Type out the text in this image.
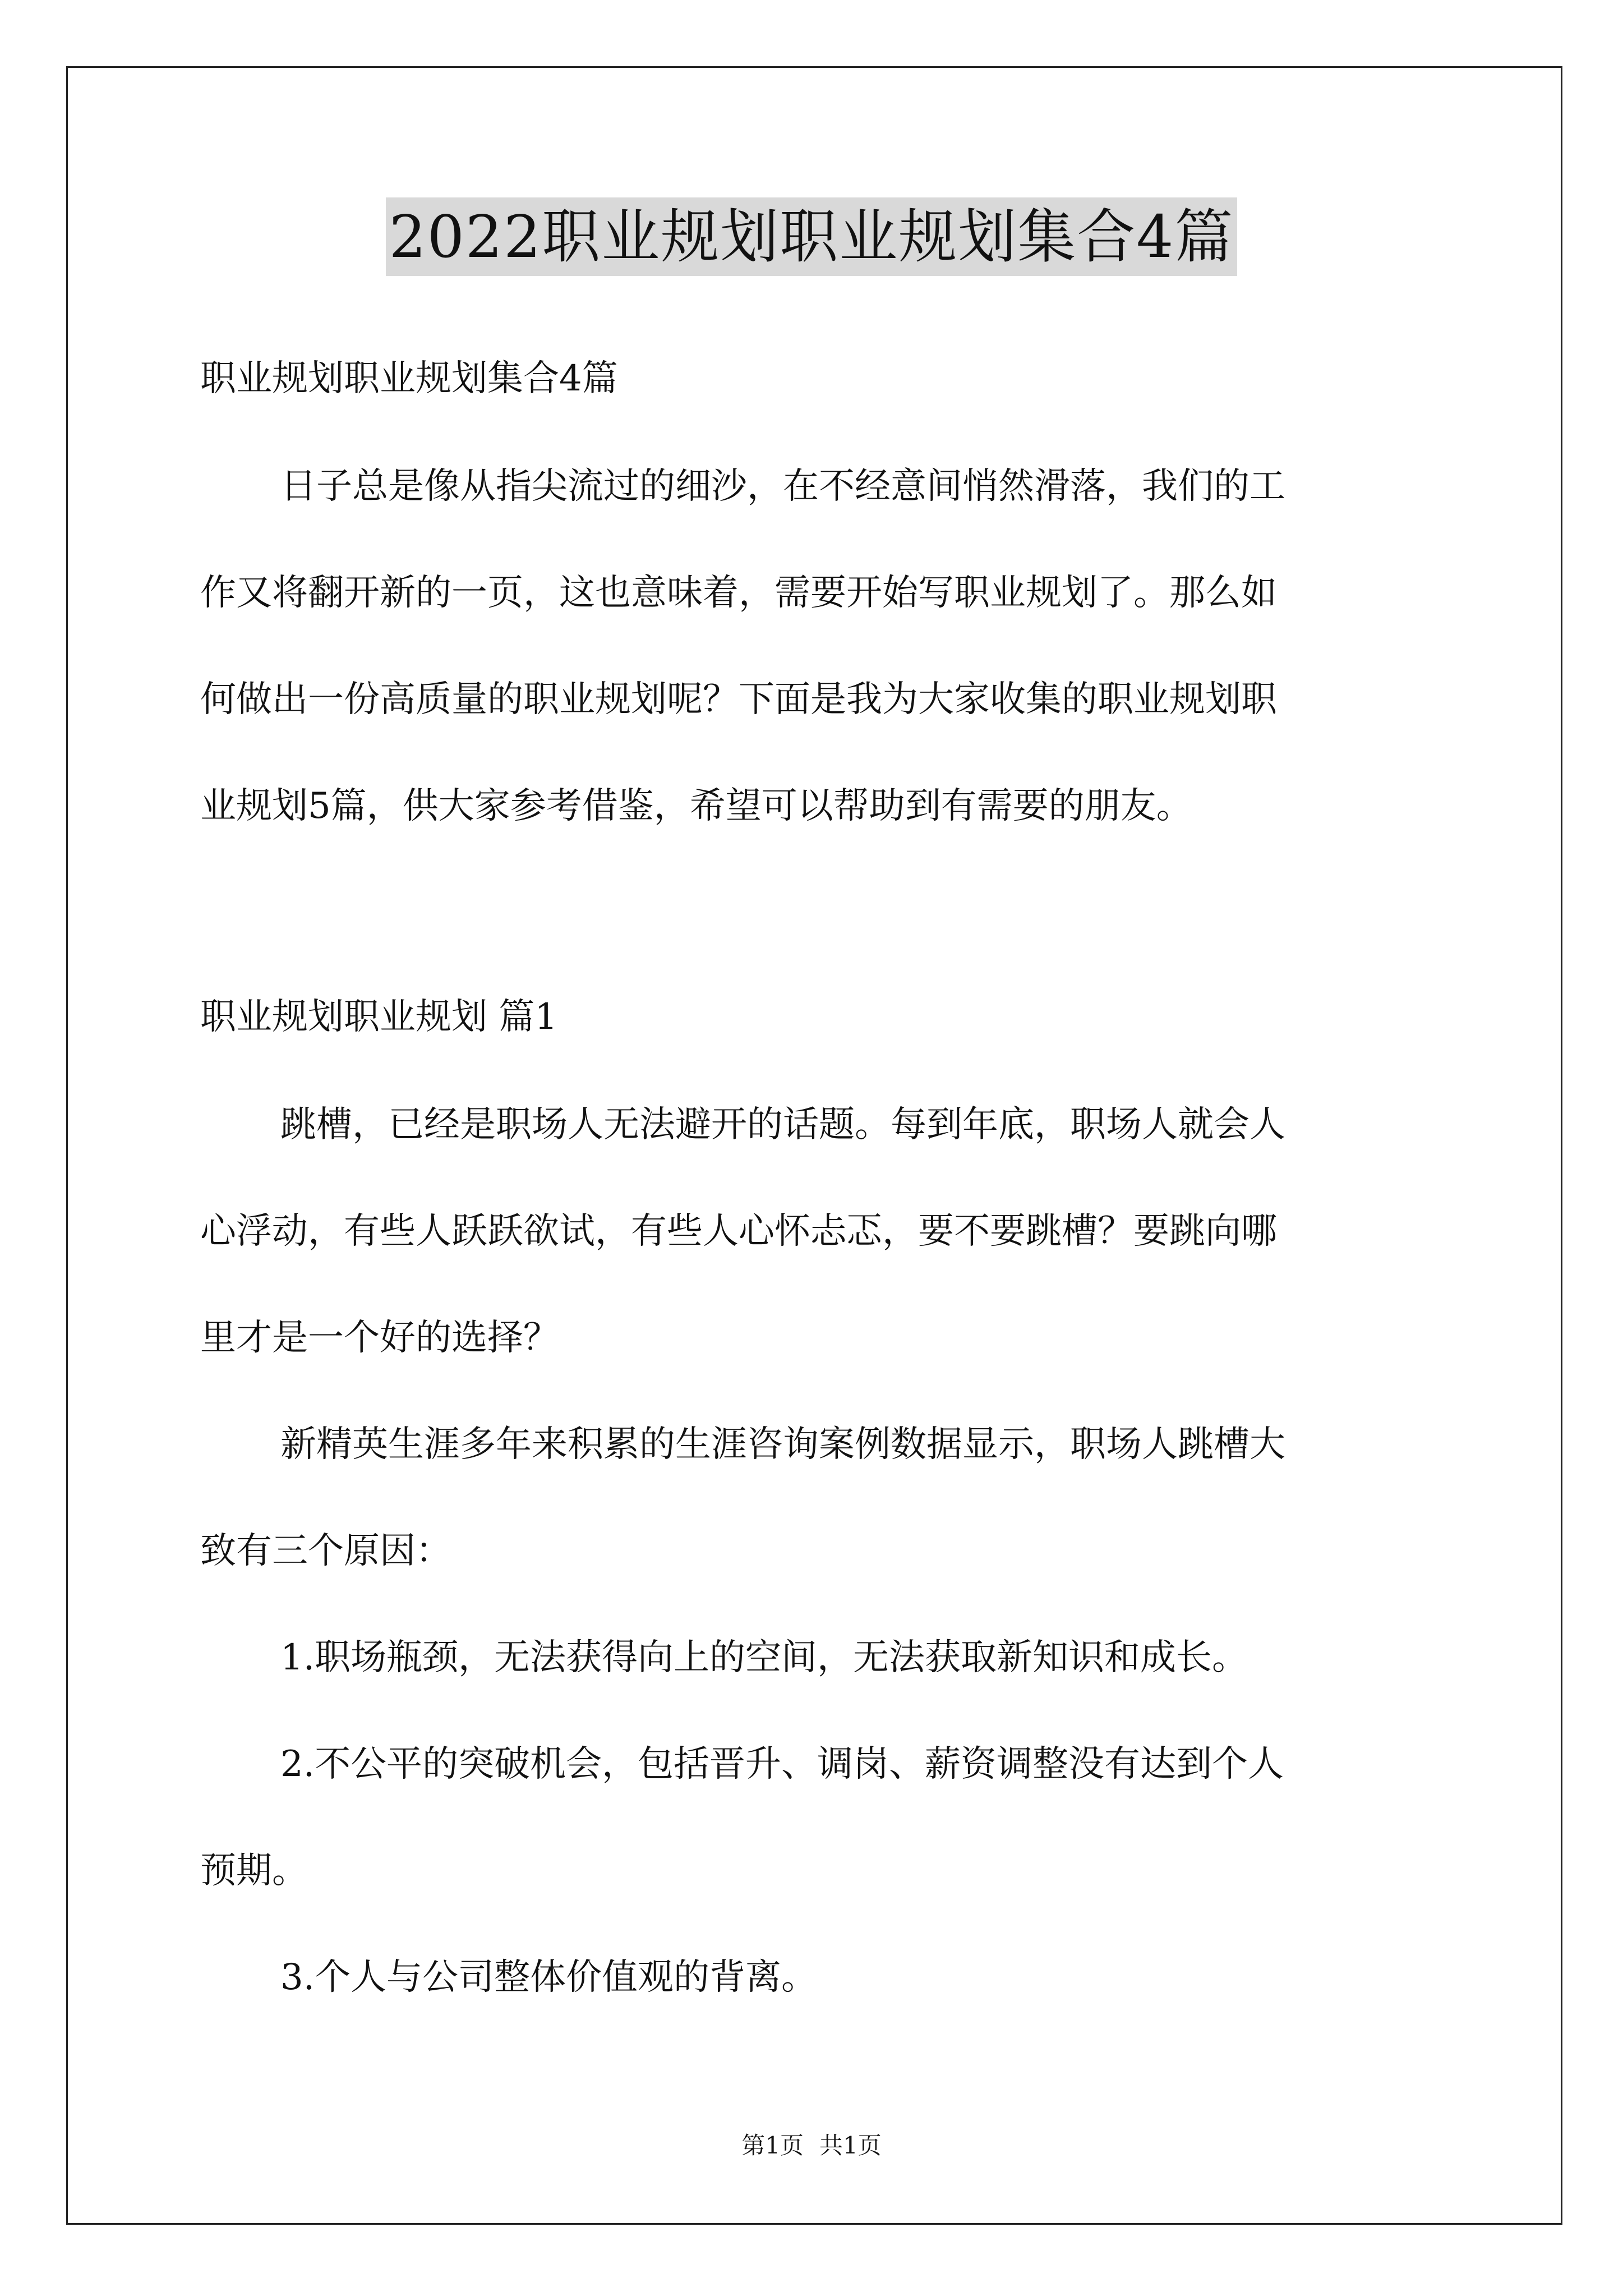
2022职业规划职业规划集合4篇
职业规划职业规划集合4篇
日子总是像从指尖流过的细沙，在不经意间悄然滑落，我们的工
作又将翻开新的一页，这也意味着，需要开始写职业规划了。那么如
何做出一份高质量的职业规划呢？下面是我为大家收集的职业规划职
业规划5篇，供大家参考借鉴，希望可以帮助到有需要的朋友。
职业规划职业规划 篇1
跳槽，已经是职场人无法避开的话题。每到年底，职场人就会人
心浮动，有些人跃跃欲试，有些人心怀忐忑，要不要跳槽？要跳向哪
里才是一个好的选择？
新精英生涯多年来积累的生涯咨询案例数据显示，职场人跳槽大
致有三个原因：
1.职场瓶颈，无法获得向上的空间，无法获取新知识和成长。
2.不公平的突破机会，包括晋升、调岗、薪资调整没有达到个人
预期。
3.个人与公司整体价值观的背离。
第1页 共1页
